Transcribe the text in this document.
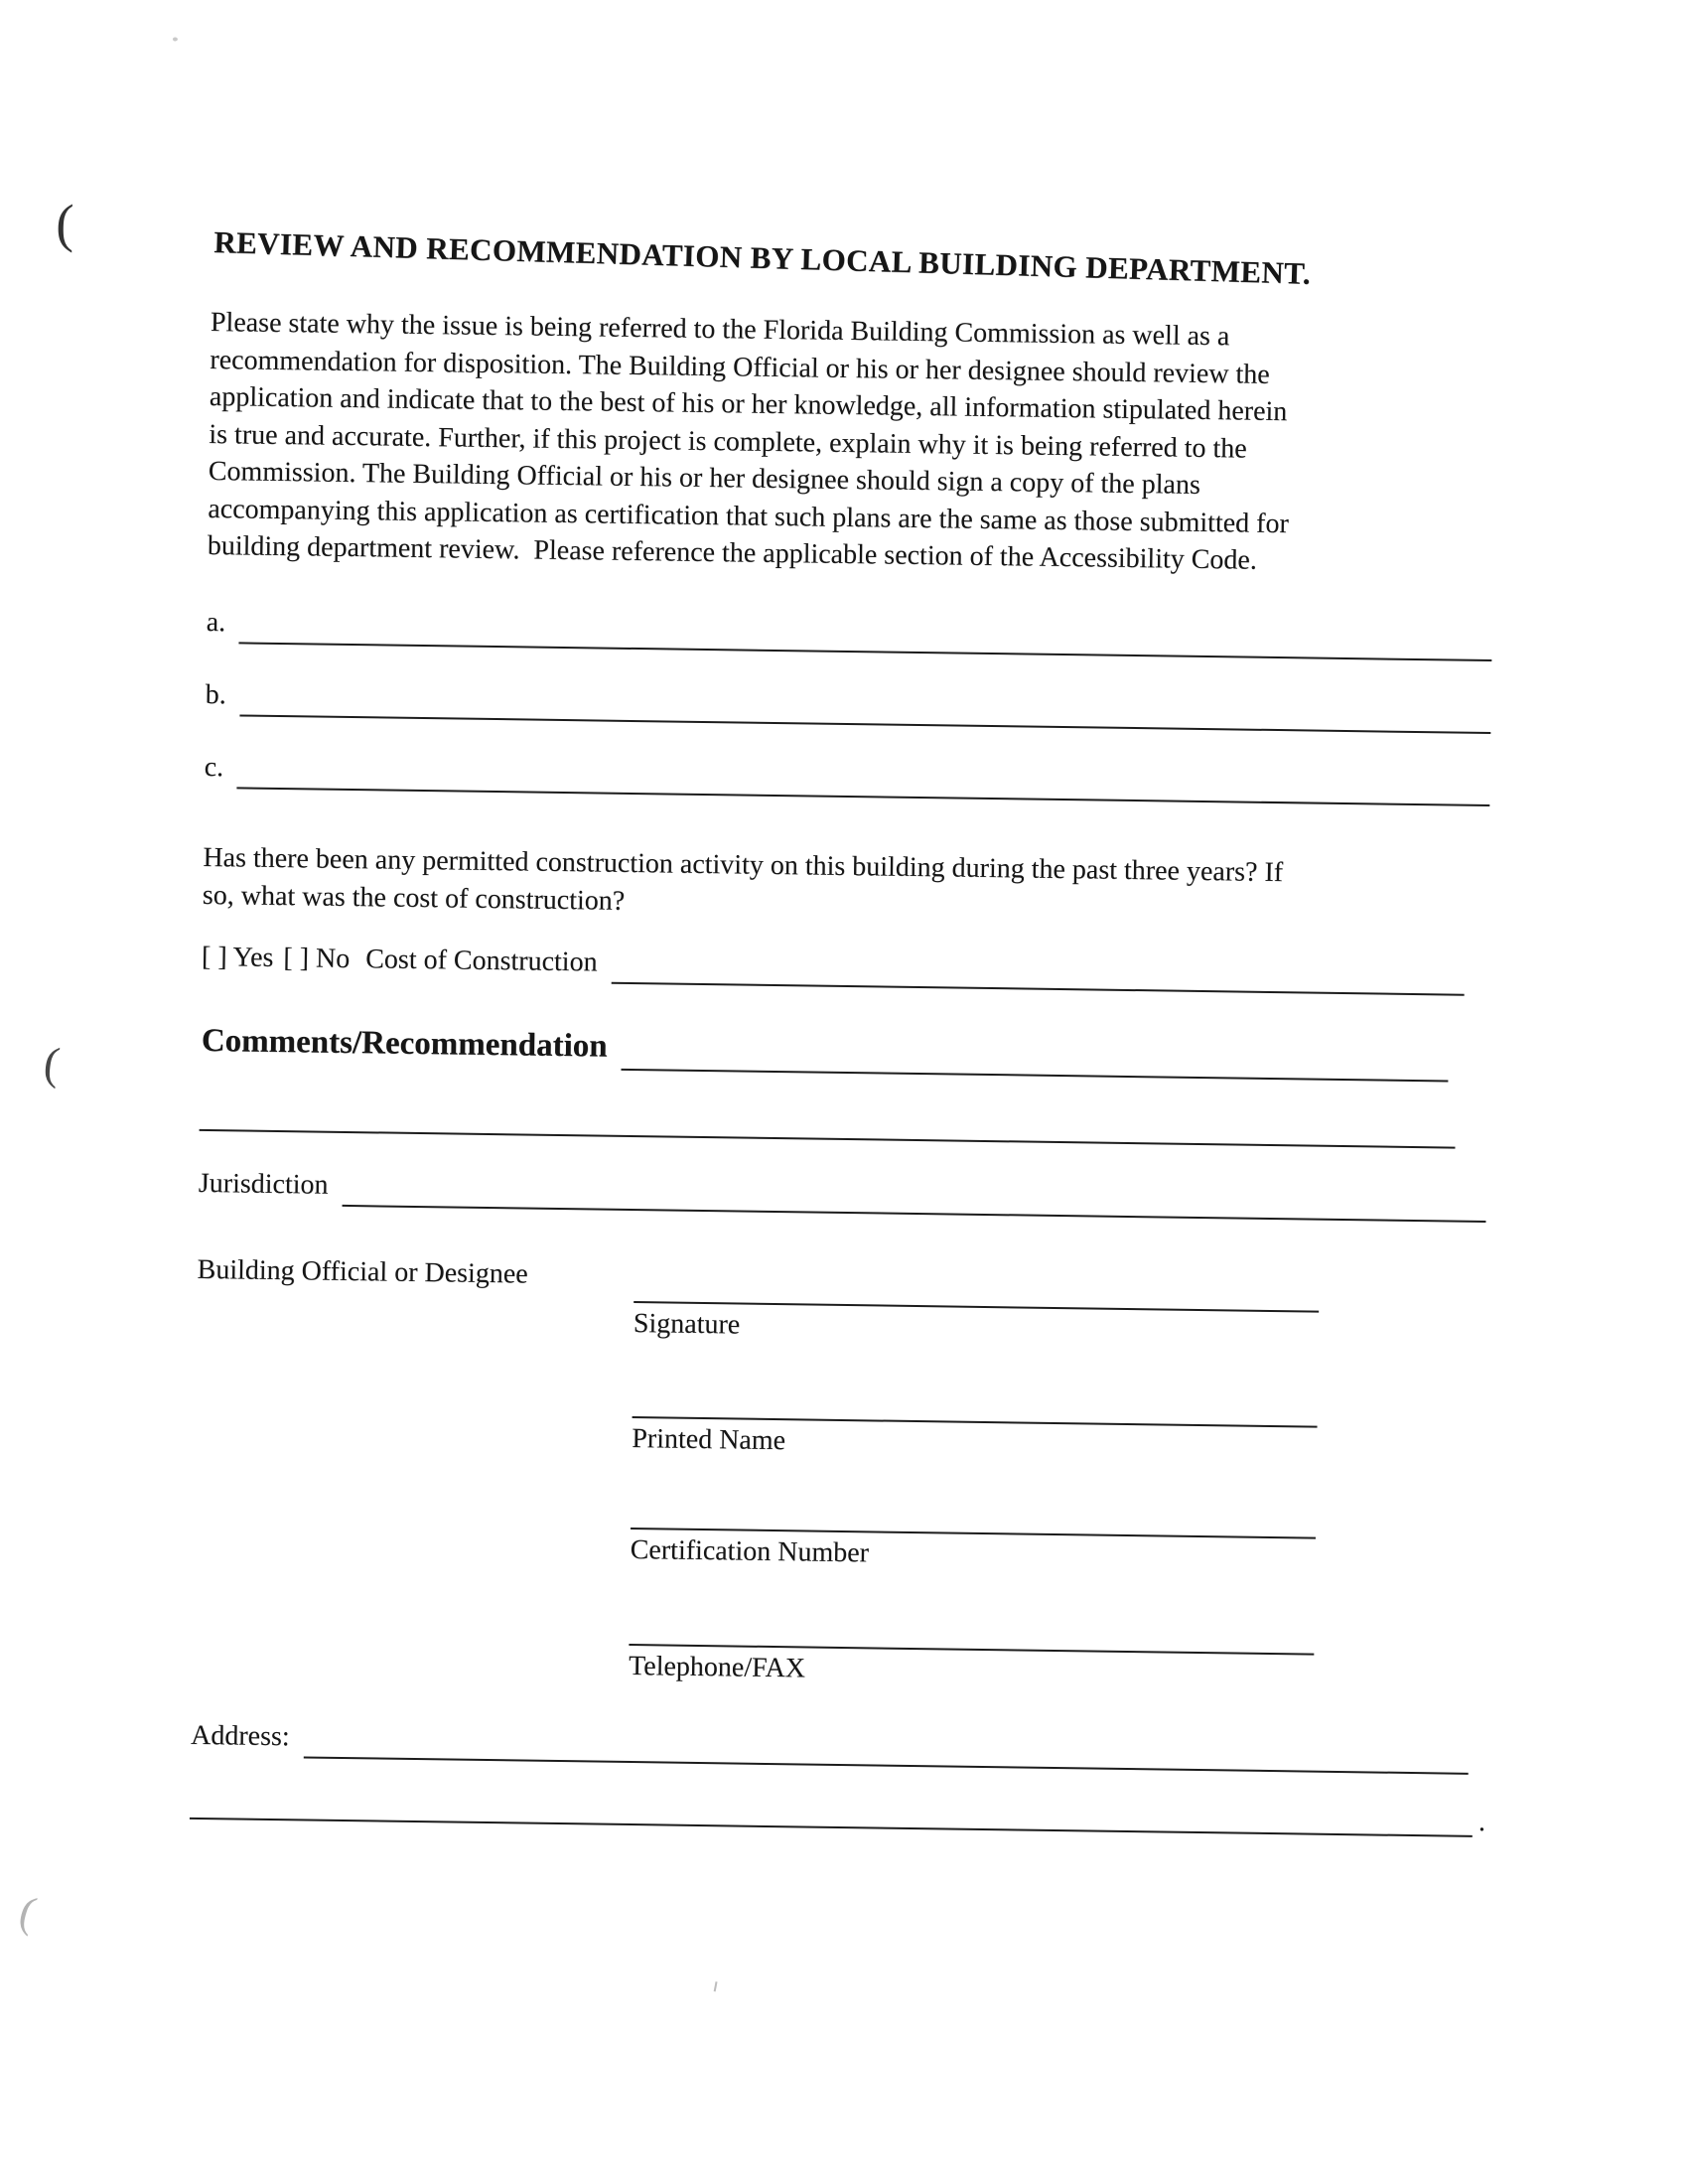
(
(
(
REVIEW AND RECOMMENDATION BY LOCAL BUILDING DEPARTMENT.
Please state why the issue is being referred to the Florida Building Commission as well as a
recommendation for disposition. The Building Official or his or her designee should review the
application and indicate that to the best of his or her knowledge, all information stipulated herein
is true and accurate. Further, if this project is complete, explain why it is being referred to the
Commission. The Building Official or his or her designee should sign a copy of the plans
accompanying this application as certification that such plans are the same as those submitted for
building department review.  Please reference the applicable section of the Accessibility Code.
a.
b.
c.
Has there been any permitted construction activity on this building during the past three years? If
so, what was the cost of construction?
[ ] Yes [ ] No Cost of Construction
Comments/Recommendation
Jurisdiction
Building Official or Designee
Signature
Printed Name
Certification Number
Telephone/FAX
Address:
.
